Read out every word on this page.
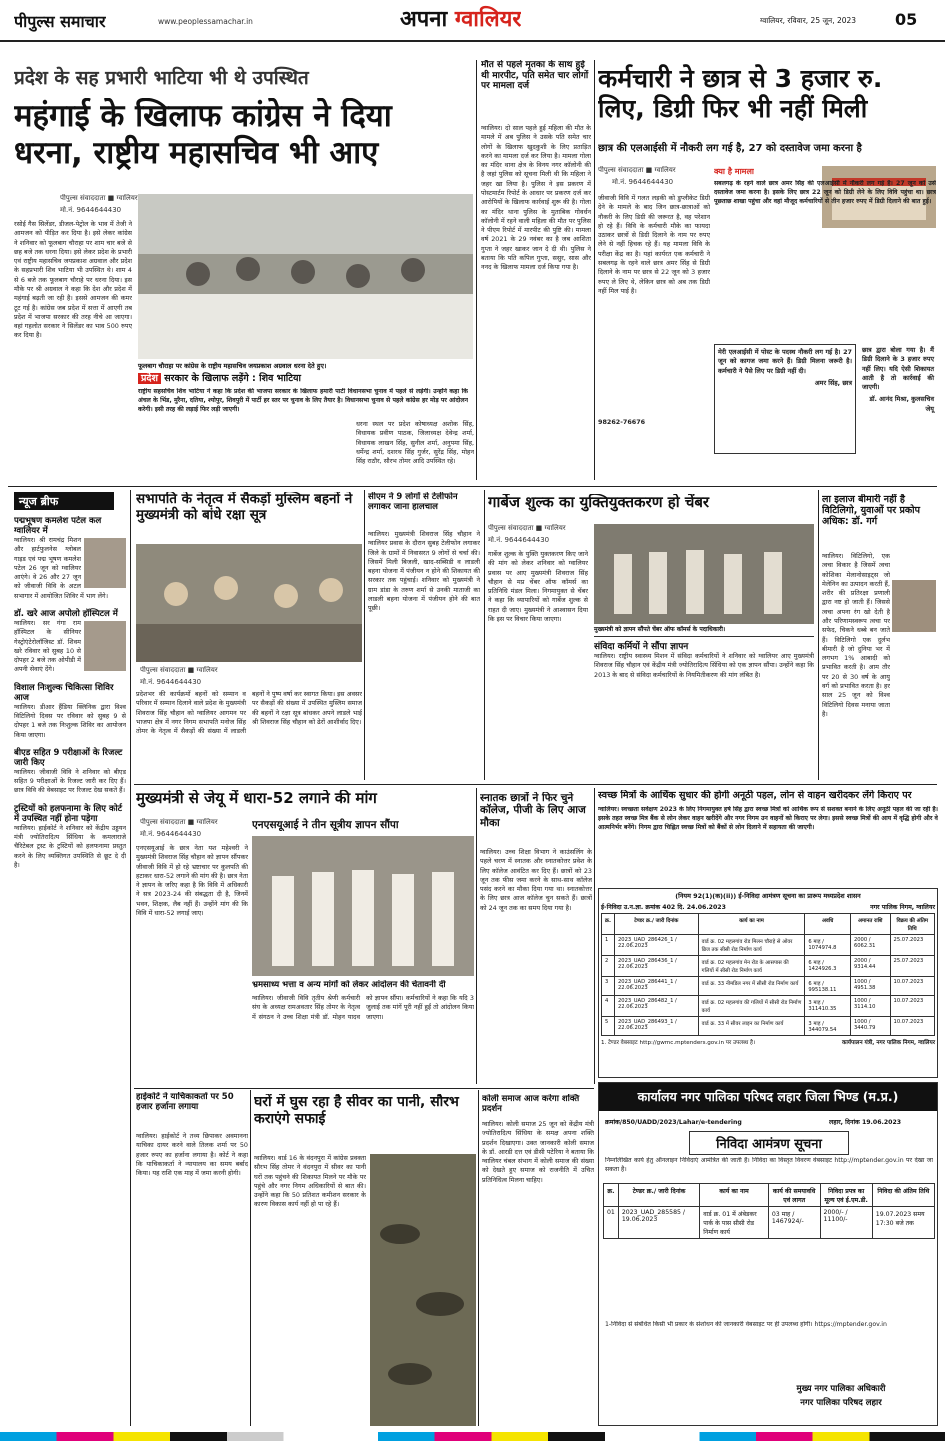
पीपुल्स समाचार	www.peoplessamachar.in	अपना ग्वालियर	ग्वालियर, रविवार, 25 जून, 2023 05
प्रदेश के सह प्रभारी भाटिया भी थे उपस्थित
महंगाई के खिलाफ कांग्रेस ने दिया धरना, राष्ट्रीय महासचिव भी आए
पीपुल्स संवाददाता ■ ग्वालियर
मो.नं. 9644644430
रसोई गैस सिलेंडर, डीजल-पेट्रोल के भाव में तेजी ने आमजन को पीड़ित कर दिया है। इसे लेकर कांग्रेस ने शनिवार को फूलबाग चौराहा पर शाम चार बजे से छह बजे तक धरना दिया। इसे लेकर प्रदेश के प्रभारी एवं राष्ट्रीय महासचिव जयप्रकाश अग्रवाल और प्रदेश के सहप्रभारी शिव भाटिया भी उपस्थित थे। शाम 4 से 6 बजे तक फूलबाग चौराहे पर धरना दिया। इस मौके पर श्री अग्रवाल ने कहा कि देश और प्रदेश में महंगाई बढ़ती जा रही है। इससे आमजन की कमर टूट गई है। कांग्रेस जब प्रदेश में सत्ता में आएगी तब प्रदेश में भाजपा सरकार की तरह नीचे आ जाएगा। वहां गहलोत सरकार ने सिलेंडर का भाव 500 रुपए कर दिया है।
फूलबाग चौराहा पर कांग्रेस के राष्ट्रीय महासचिव जयप्रकाश अग्रवाल धरना देते हुए।
प्रदेश सरकार के खिलाफ लड़ेंगे : शिव भाटिया
राष्ट्रीय सहसचिव शिव भाटिया ने कहा कि प्रदेश की भाजपा सरकार के खिलाफ हमारी पार्टी विधानसभा चुनाव में पहले से लड़ेगी। उन्होंने कहा कि अंचल के भिंड, मुरैना, दतिया, श्योपुर, शिवपुरी में पार्टी हर स्तर पर चुनाव के लिए तैयार है। विधानसभा चुनाव से पहले कांग्रेस हर मोड़ पर आंदोलन करेगी। इसी तरह की लड़ाई फिर लड़ी जाएगी।
धरना स्थल पर प्रदेश कोषाध्यक्ष अशोक सिंह, विधायक प्रवीण पाठक, जिलाध्यक्ष देवेन्द्र शर्मा, विधायक लाखन सिंह, सुनील शर्मा, अनुपमा सिंह, धर्मेन्द्र शर्मा, दशरथ सिंह गुर्जर, सुरेंद्र सिंह, मोहन सिंह राठौर, सौरभ तोमर आदि उपस्थित रहे।
मौत से पहले मृतका के साथ हुई थी मारपीट, पति समेत चार लोगों पर मामला दर्ज
ग्वालियर। दो साल पहले हुई महिला की मौत के मामले में अब पुलिस ने उसके पति समेत चार लोगों के खिलाफ खुदकुशी के लिए प्रताड़ित करने का मामला दर्ज कर लिया है। मामला गोला का मंदिर थाना क्षेत्र के विनय नगर कॉलोनी की है जहां पुलिस को सूचना मिली थी कि महिला ने जहर खा लिया है। पुलिस ने इस प्रकरण में पोस्टमार्टम रिपोर्ट के आधार पर प्रकरण दर्ज कर आरोपियों के खिलाफ कार्रवाई शुरू की है। गोला का मंदिर थाना पुलिस के मुताबिक गोवर्धन कॉलोनी में रहने वाली महिला की मौत पर पुलिस ने पीएम रिपोर्ट में मारपीट की पुष्टि की। मामला वर्ष 2021 के 29 नवंबर का है जब आशिता गुप्ता ने जहर खाकर जान दे दी थी। पुलिस ने बताया कि पति कपिल गुप्ता, ससुर, सास और ननद के खिलाफ मामला दर्ज किया गया है।
कर्मचारी ने छात्र से 3 हजार रु. लिए, डिग्री फिर भी नहीं मिली
छात्र की एलआईसी में नौकरी लग गई है, 27 को दस्तावेज जमा करना है
पीपुल्स संवाददाता ■ ग्वालियर
मो.नं. 9644644430
जीवाजी विवि में गलत लड़की को डुप्लीकेट डिग्री देने के मामले के बाद जिन छात्र-छात्राओं को नौकरी के लिए डिग्री की जरूरत है, वह परेशान हो रहे हैं। विवि के कर्मचारी मौके का फायदा उठाकर छात्रों से डिग्री दिलाने के नाम पर रुपए लेने से नहीं हिचक रहे हैं। यह मामला विवि के परीक्षा केंद्र का है। यहां कार्यरत एक कर्मचारी ने सबलगढ़ के रहने वाले छात्र अमर सिंह से डिग्री दिलाने के नाम पर छात्र से 22 जून को 3 हजार रुपए ले लिए थे, लेकिन छात्र को अब तक डिग्री नहीं मिल पाई है।
98262-76676
क्या है मामला
सबलगढ़ के रहने वाले छात्र अमर सिंह की एलआईसी में नौकरी लग गई है। 27 जून को उसे दस्तावेज जमा करना है। इसके लिए छात्र 22 जून को डिग्री लेने के लिए विवि पहुंचा था। छात्र पूछताछ शाखा पहुंचा और वहां मौजूद कर्मचारियों से तीन हजार रुपए में डिग्री दिलाने की बात हुई।
मेरी एलआईसी में पोस्ट के पदस्थ नौकरी लग गई है। 27 जून को कागज जमा करने हैं। डिग्री मिलना जरूरी है। कर्मचारी ने पैसे लिए पर डिग्री नहीं दी।
अमर सिंह, छात्र
छात्र द्वारा बोला गया है। मैं डिग्री दिलाने के 3 हजार रुपए नहीं लिए। यदि ऐसी शिकायत आती है तो कार्रवाई की जाएगी।
डॉ. आनंद मिश्रा, कुलसचिव जेयू
न्यूज ब्रीफ
पद्मभूषण कमलेश पटेल कल ग्वालियर में
ग्वालियर। श्री रामचंद्र मिशन और हार्टफुलनेस ग्लोबल गाइड एवं पद्म भूषण कमलेश पटेल 26 जून को ग्वालियर आएंगे। वे 26 और 27 जून को जीवाजी विवि के अटल सभागार में आयोजित शिविर में भाग लेंगे।
डॉ. खरे आज अपोलो हॉस्पिटल में
ग्वालियर। सर गंगा राम हॉस्पिटल के सीनियर गेस्ट्रोएंटेरोलॉजिस्ट डॉ. शिवम खरे रविवार को सुबह 10 से दोपहर 2 बजे तक ओपीडी में अपनी सेवाएं देंगे।
विशाल निःशुल्क चिकित्सा शिविर आज
ग्वालियर। डीआर हैंडिया क्लिनिक द्वारा विश्व विटिलिगो दिवस पर रविवार को सुबह 9 से दोपहर 1 बजे तक निःशुल्क शिविर का आयोजन किया जाएगा।
बीएड सहित 9 परीक्षाओं के रिजल्ट जारी किए
ग्वालियर। जीवाजी विवि ने शनिवार को बीएड सहित 9 परीक्षाओं के रिजल्ट जारी कर दिए हैं। छात्र विवि की वेबसाइट पर रिजल्ट देख सकते हैं।
ट्रस्टियों को हलफनामा के लिए कोर्ट में उपस्थित नहीं होना पड़ेगा
ग्वालियर। हाईकोर्ट ने शनिवार को केंद्रीय उड्डयन मंत्री ज्योतिरादित्य सिंधिया के कमलाराजे चैरिटेबल ट्रस्ट के ट्रस्टियों को हलफनामा प्रस्तुत करने के लिए व्यक्तिगत उपस्थिति से छूट दे दी है।
सभापति के नेतृत्व में सैकड़ों मुस्लिम बहनों ने मुख्यमंत्री को बांधे रक्षा सूत्र
पीपुल्स संवाददाता ■ ग्वालियर
मो.नं. 9644644430
प्रदेशभर की कार्यक्रमों बहनों को सम्मान व परिवार में सम्मान दिलाने वाले प्रदेश के मुख्यमंत्री शिवराज सिंह चौहान को ग्वालियर आगमन पर भाजपा क्षेत्र में नगर निगम सभापति मनोज सिंह तोमर के नेतृत्व में सैकड़ों की संख्या में लाडली बहनों ने पुष्प वर्षा कर स्वागत किया। इस अवसर पर सैकड़ों की संख्या में उपस्थित मुस्लिम समाज की बहनों ने रक्षा सूत्र बांधकर अपने लाडले भाई श्री शिवराज सिंह चौहान को ढेरों आशीर्वाद दिए।
सीएम ने 9 लोगों से टेलीफोन लगाकर जाना हालचाल
ग्वालियर। मुख्यमंत्री शिवराज सिंह चौहान ने ग्वालियर प्रवास के दौरान सुबह टेलीफोन लगाकर जिले के ग्रामों में निवासरत 9 लोगों से चर्चा की। जिसमें मिली बिजली, खाद-सब्सिडी व लाडली बहना योजना में पंजीयन न होने की शिकायत की सरकार तक पहुंचाई। शनिवार को मुख्यमंत्री ने ग्राम डांडा के तरुण शर्मा से उनकी माताजी का लाडली बहना योजना में पंजीयन होने की बात पूछी।
गार्बेज शुल्क का युक्तियुक्तकरण हो चेंबर
पीपुल्स संवाददाता ■ ग्वालियर
मो.नं. 9644644430
गार्बेज शुल्क के युक्ति युक्तकरण किए जाने की मांग को लेकर शनिवार को ग्वालियर प्रवास पर आए मुख्यमंत्री शिवराज सिंह चौहान से मप्र चेंबर ऑफ कॉमर्स का प्रतिनिधि मंडल मिला। निगमायुक्त से चेंबर ने कहा कि व्यापारियों को गार्बेज शुल्क से राहत दी जाए। मुख्यमंत्री ने आश्वासन दिया कि इस पर विचार किया जाएगा।
मुख्यमंत्री को ज्ञापन सौंपते चेंबर ऑफ कॉमर्स के पदाधिकारी।
संविदा कर्मियों ने सौंपा ज्ञापन
ग्वालियर। राष्ट्रीय स्वास्थ्य मिशन में संविदा कर्मचारियों ने शनिवार को ग्वालियर आए मुख्यमंत्री शिवराज सिंह चौहान एवं केंद्रीय मंत्री ज्योतिरादित्य सिंधिया को एक ज्ञापन सौंपा। उन्होंने कहा कि 2013 के बाद से संविदा कर्मचारियों के नियमितीकरण की मांग लंबित है।
ला इलाज बीमारी नहीं है विटिलिगो, युवाओं पर प्रकोप अधिक: डॉ. गर्ग
ग्वालियर। विटिलिगो, एक त्वचा विकार है जिसमें त्वचा कोशिका मेलानोसाइट्स जो मेलेनिन का उत्पादन करती हैं, शरीर की प्रतिरक्षा प्रणाली द्वारा नष्ट हो जाती हैं। जिससे त्वचा अपना रंग खो देती है और परिणामस्वरूप त्वचा पर सफेद, चिकने धब्बे बन जाते हैं। विटिलिगो एक दुर्लभ बीमारी है जो दुनिया भर में लगभग 1% आबादी को प्रभावित करती है। आम तौर पर 20 से 30 वर्ष के आयु वर्ग को प्रभावित करता है। हर साल 25 जून को विश्व विटिलिगो दिवस मनाया जाता है।
मुख्यमंत्री से जेयू में धारा-52 लगाने की मांग
पीपुल्स संवाददाता ■ ग्वालियर
मो.नं. 9644644430
एनएसयूआई के छात्र नेता यश महेश्वरी ने मुख्यमंत्री शिवराज सिंह चौहान को ज्ञापन सौंपकर जीवाजी विवि में हो रहे भ्रष्टाचार पर कुलपति की हटाकर धारा-52 लगाने की मांग की है। छात्र नेता ने ज्ञापन के जरिए कहा है कि विवि में अधिकारी ने सत्र 2023-24 की संबद्धता दी है, जिनमें भवन, शिक्षक, लैब नहीं हैं। उन्होंने मांग की कि विवि में धारा-52 लगाई जाए।
एनएसयूआई ने तीन सूत्रीय ज्ञापन सौंपा
भ्रमसाध्य भत्ता व अन्य मांगों को लेकर आंदोलन की चेतावनी दी
ग्वालियर। जीवाजी विवि तृतीय श्रेणी कर्मचारी संघ के अध्यक्ष रामअवतार सिंह तोमर के नेतृत्व में संगठन ने उच्च शिक्षा मंत्री डॉ. मोहन यादव को ज्ञापन सौंपा। कर्मचारियों ने कहा कि यदि 3 जुलाई तक मांगें पूरी नहीं हुईं तो आंदोलन किया जाएगा।
स्नातक छात्रों ने फिर चुने कॉलेज, पीजी के लिए आज मौका
ग्वालियर। उच्च शिक्षा विभाग ने काउंसलिंग के पहले चरण में स्नातक और स्नातकोत्तर प्रवेश के लिए कॉलेज आवंटित कर दिए हैं। छात्रों को 23 जून तक फीस जमा करने के साथ-साथ कॉलेज पसंद करने का मौका दिया गया था। स्नातकोत्तर के लिए छात्र आज कॉलेज चुन सकते हैं। छात्रों को 24 जून तक का समय दिया गया है।
स्वच्छ मित्रों के आर्थिक सुधार की होगी अनूठी पहल, लोन से वाहन खरीदकर लेंगे किराए पर
ग्वालियर। स्वच्छता सर्वेक्षण 2023 के लिए निगमायुक्त हर्ष सिंह द्वारा स्वच्छ मित्रों को आर्थिक रूप से सशक्त बनाने के लिए अनूठी पहल की जा रही है। इसके तहत स्वच्छ मित्र बैंक से लोन लेकर वाहन खरीदेंगे और नगर निगम उन वाहनों को किराए पर लेगा। इससे स्वच्छ मित्रों की आय में वृद्धि होगी और वे आत्मनिर्भर बनेंगे। निगम द्वारा चिह्नित स्वच्छ मित्रों को बैंकों से लोन दिलाने में सहायता की जाएगी।
(नियम 92(1)(क)(ii)) ई-निविदा आमंत्रण सूचना का प्रारूप मध्यप्रदेश शासन
ई-निविदा उ.न.ज्ञा. क्रमांक 402 दि. 24.06.2023	नगर पालिक निगम, ग्वालियर
क्र.	टेण्डर क्र./ जारी दिनांक	कार्य का नाम	अवधि	अमानत राशि	विक्रय की अंतिम तिथि
1	2023_UAD_286426_1 / 22.06.2023	वार्ड क्र. 02 महलगांव रोड मिलन चौराहे से ओवर ब्रिज तक सीसी रोड निर्माण कार्य	6 माह / 1074974.8	2000 / 6062.31	25.07.2023
2	2023_UAD_286436_1 / 22.06.2023	वार्ड क्र. 02 महलगांव मेन रोड के आसपास की गलियों में सीसी रोड निर्माण कार्य	6 माह / 1424926.3	2000 / 9314.44	25.07.2023
3	2023_UAD_286441_1 / 22.06.2023	वार्ड क्र. 33 नीमडिल नगर में सीसी रोड निर्माण कार्य	6 माह / 995138.11	1000 / 4951.38	10.07.2023
4	2023_UAD_286482_1 / 22.06.2023	वार्ड क्र. 02 महलगांव की गलियों में सीसी रोड निर्माण कार्य	3 माह / 311410.35	1000 / 3114.10	10.07.2023
5	2023_UAD_286493_1 / 22.06.2023	वार्ड क्र. 33 में सीवर लाइन का निर्माण कार्य	3 माह / 344079.54	1000 / 3440.79	10.07.2023
1. टेण्डर वेबसाइट http://gwmc.mptenders.gov.in पर उपलब्ध है।	कार्यपालन यंत्री, नगर पालिक निगम, ग्वालियर
हाईकोर्ट ने याचिकाकर्ता पर 50 हजार हर्जाना लगाया
ग्वालियर। हाईकोर्ट ने तथ्य छिपाकर अवमानना याचिका दायर करने वाले तिलक शर्मा पर 50 हजार रुपए का हर्जाना लगाया है। कोर्ट ने कहा कि याचिकाकर्ता ने न्यायालय का समय बर्बाद किया। यह राशि एक माह में जमा करनी होगी।
घरों में घुस रहा है सीवर का पानी, सौरभ कराएंगे सफाई
ग्वालियर। वार्ड 16 के वंदनपुरा में कांग्रेस प्रवक्ता सौरभ सिंह तोमर ने वंदनपुरा में सीवर का पानी घरों तक पहुंचने की शिकायत मिलने पर मौके पर पहुंचे और नगर निगम अधिकारियों से बात की। उन्होंने कहा कि 50 प्रतिशत कमीशन सरकार के कारण विकास कार्य नहीं हो पा रहे हैं।
कोली समाज आज करेगा शक्ति प्रदर्शन
ग्वालियर। कोली समाज 25 जून को केंद्रीय मंत्री ज्योतिरादित्य सिंधिया के समक्ष अपना शक्ति प्रदर्शन दिखाएगा। उक्त जानकारी कोली समाज के डॉ. आरडी दत्त एवं डीसी पटेरिया ने बताया कि ग्वालियर चंबल संभाग में कोली समाज की संख्या को देखते हुए समाज को राजनीति में उचित प्रतिनिधित्व मिलना चाहिए।
कार्यालय नगर पालिका परिषद लहार जिला भिण्ड (म.प्र.)
क्रमांक/850/UADD/2023/Lahar/e-tendering	लहार, दिनांक 19.06.2023
निविदा आमंत्रण सूचना
निम्नलिखित कार्य हेतु ऑनलाइन निविदाएं आमंत्रित की जाती हैं। निविदा का विस्तृत विवरण वेबसाइट http://mptender.gov.in पर देखा जा सकता है।
क्र.	टेण्डर क्र./ जारी दिनांक	कार्य का नाम	कार्य की समयावधि एवं लागत	निविदा प्रपत्र का मूल्य एवं ई.एम.डी.	निविदा की अंतिम तिथि
01	2023_UAD_285585 / 19.06.2023	वार्ड क्र. 01 में अंबेडकर पार्क के पास सीसी रोड निर्माण कार्य	03 माह / 1467924/-	2000/- / 11100/-	19.07.2023 समय 17:30 बजे तक
1-निविदा से संबंधित किसी भी प्रकार के संशोधन की जानकारी वेबसाइट पर ही उपलब्ध होगी। https://mptender.gov.in
मुख्य नगर पालिका अधिकारी
नगर पालिका परिषद लहार
